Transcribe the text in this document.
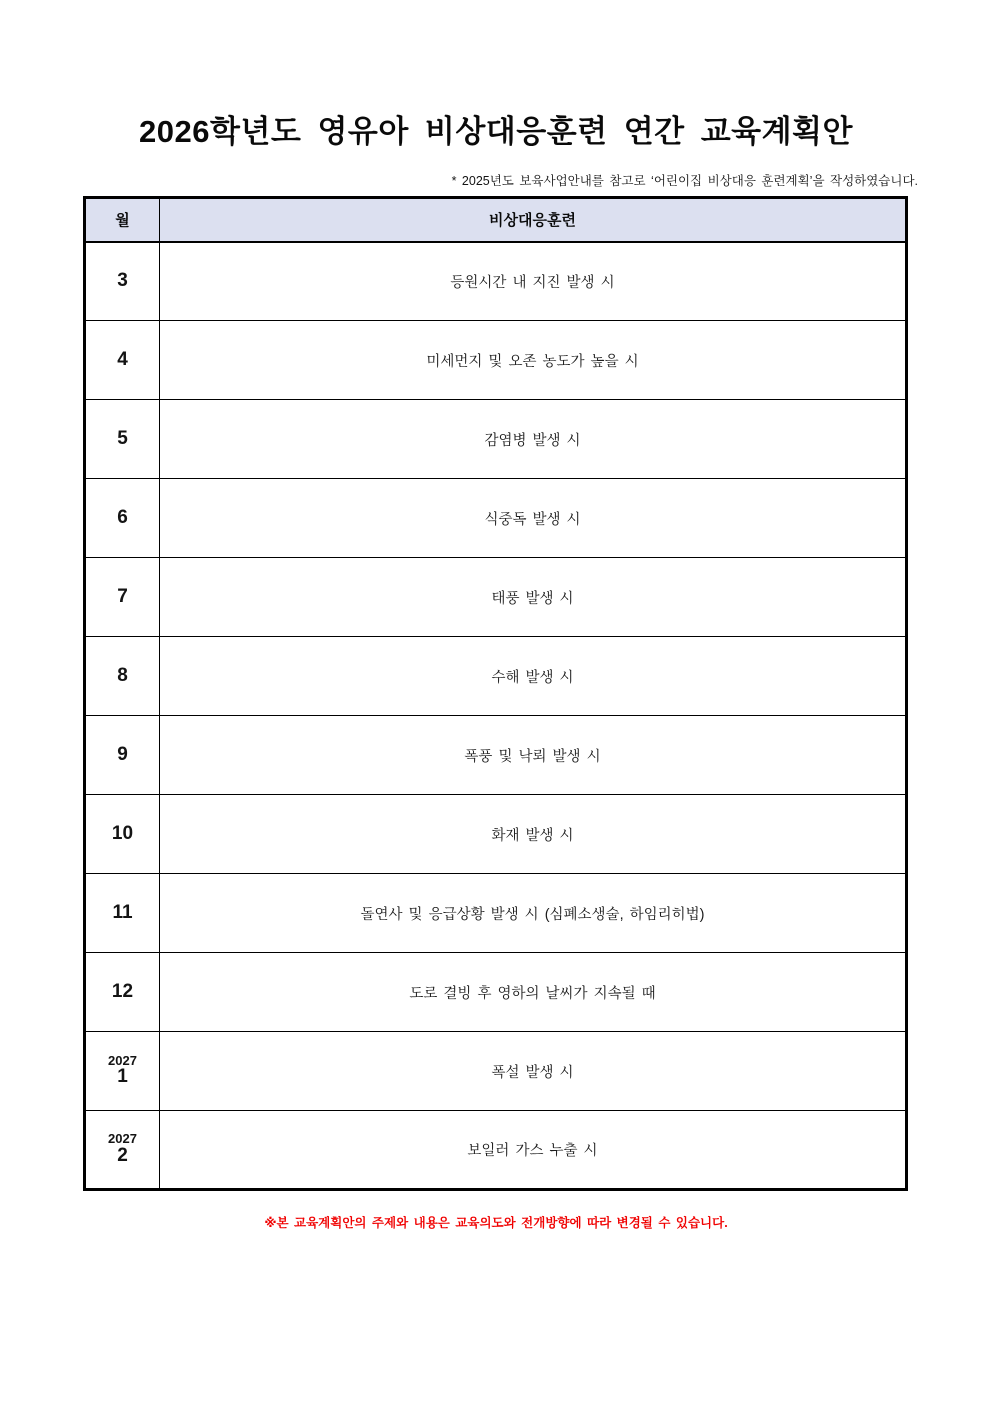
2026학년도 영유아 비상대응훈련 연간 교육계획안
* 2025년도 보육사업안내를 참고로 ‘어린이집 비상대응 훈련계획’을 작성하였습니다.
월	비상대응훈련

3	등원시간 내 지진 발생 시

4	미세먼지 및 오존 농도가 높을 시

5	감염병 발생 시

6	식중독 발생 시

7	태풍 발생 시

8	수해 발생 시

9	폭풍 및 낙뢰 발생 시

10	화재 발생 시

11	돌연사 및 응급상황 발생 시 (심폐소생술, 하임리히법)

12	도로 결빙 후 영하의 날씨가 지속될 때

2027
1	폭설 발생 시

2027
2	보일러 가스 누출 시
※본 교육계획안의 주제와 내용은 교육의도와 전개방향에 따라 변경될 수 있습니다.
